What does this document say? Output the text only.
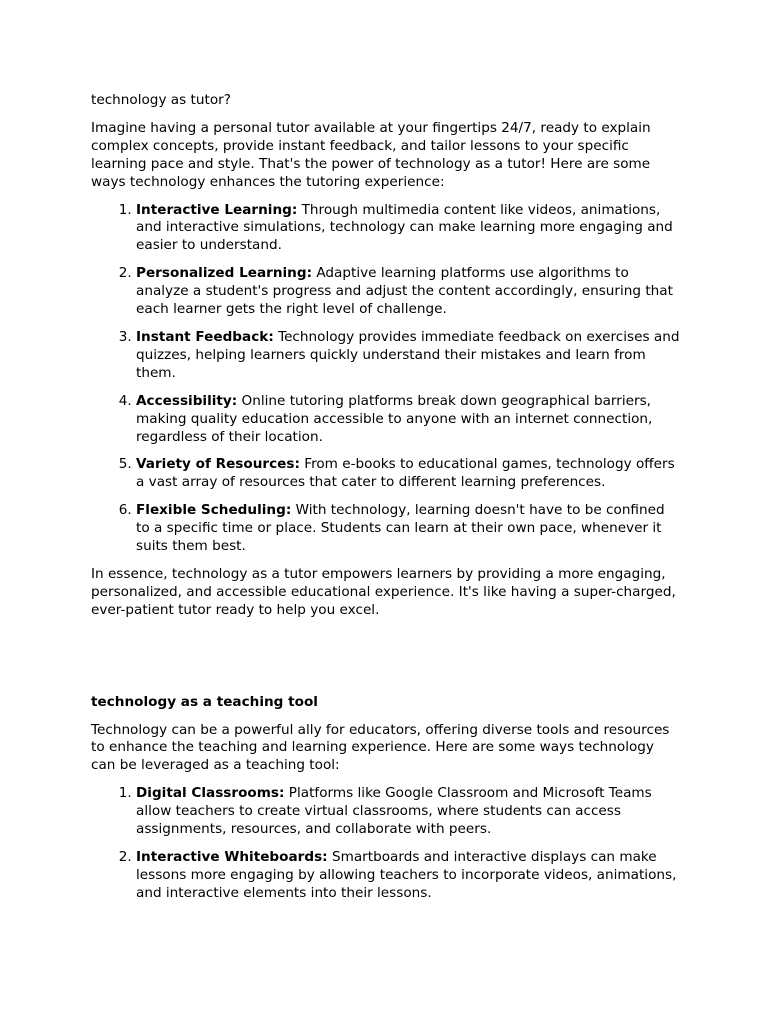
technology as tutor?

Imagine having a personal tutor available at your fingertips 24/7, ready to explain complex concepts, provide instant feedback, and tailor lessons to your specific learning pace and style. That's the power of technology as a tutor! Here are some ways technology enhances the tutoring experience:

1. Interactive Learning: Through multimedia content like videos, animations, and interactive simulations, technology can make learning more engaging and easier to understand.
2. Personalized Learning: Adaptive learning platforms use algorithms to analyze a student's progress and adjust the content accordingly, ensuring that each learner gets the right level of challenge.
3. Instant Feedback: Technology provides immediate feedback on exercises and quizzes, helping learners quickly understand their mistakes and learn from them.
4. Accessibility: Online tutoring platforms break down geographical barriers, making quality education accessible to anyone with an internet connection, regardless of their location.
5. Variety of Resources: From e-books to educational games, technology offers a vast array of resources that cater to different learning preferences.
6. Flexible Scheduling: With technology, learning doesn't have to be confined to a specific time or place. Students can learn at their own pace, whenever it suits them best.

In essence, technology as a tutor empowers learners by providing a more engaging, personalized, and accessible educational experience. It's like having a super-charged, ever-patient tutor ready to help you excel.

technology as a teaching tool

Technology can be a powerful ally for educators, offering diverse tools and resources to enhance the teaching and learning experience. Here are some ways technology can be leveraged as a teaching tool:

1. Digital Classrooms: Platforms like Google Classroom and Microsoft Teams allow teachers to create virtual classrooms, where students can access assignments, resources, and collaborate with peers.
2. Interactive Whiteboards: Smartboards and interactive displays can make lessons more engaging by allowing teachers to incorporate videos, animations, and interactive elements into their lessons.
